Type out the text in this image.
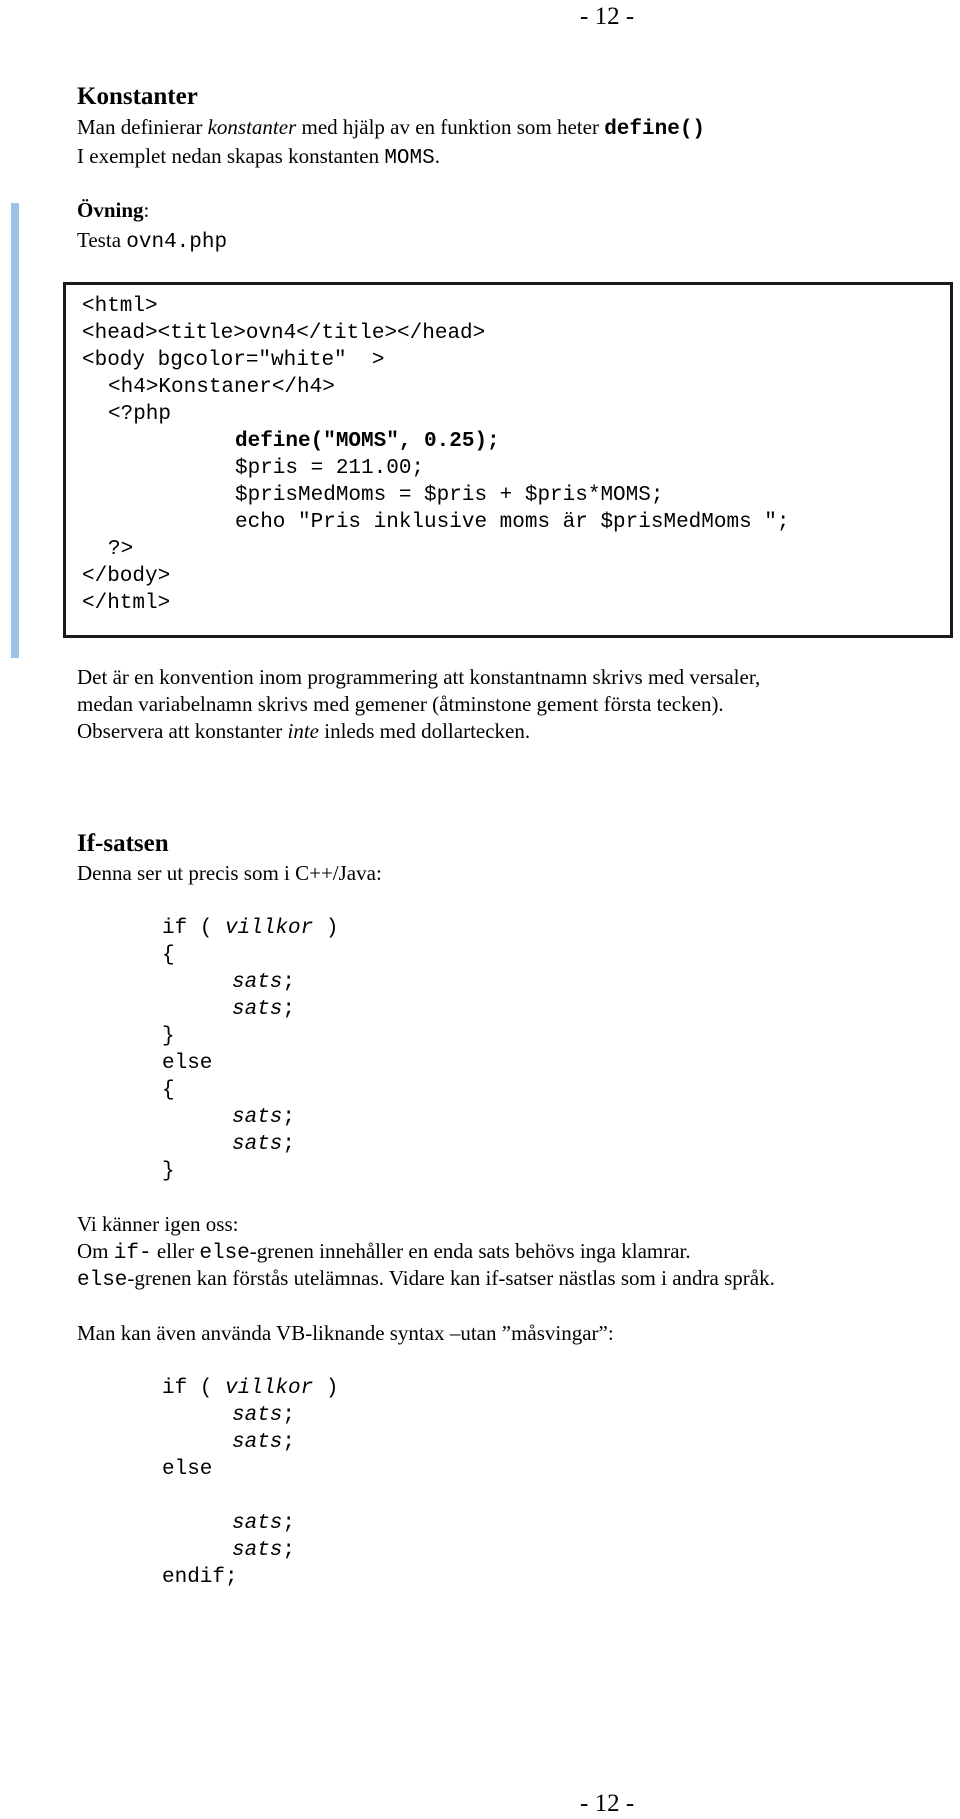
- 12 -
Konstanter
Man definierar konstanter med hjälp av en funktion som heter define()
I exemplet nedan skapas konstanten MOMS.
Övning:
Testa ovn4.php
<html>
<head><title>ovn4</title></head>
<body bgcolor="white"  >
<h4>Konstaner</h4>
<?php
define("MOMS", 0.25);
$pris = 211.00;
$prisMedMoms = $pris + $pris*MOMS;
echo "Pris inklusive moms är $prisMedMoms ";
?>
</body>
</html>
Det är en konvention inom programmering att konstantnamn skrivs med versaler,
medan variabelnamn skrivs med gemener (åtminstone gement första tecken).
Observera att konstanter inte inleds med dollartecken.
If-satsen
Denna ser ut precis som i C++/Java:
if ( villkor )
{
sats;
sats;
}
else
{
sats;
sats;
}
Vi känner igen oss:
Om if- eller else-grenen innehåller en enda sats behövs inga klamrar.
else-grenen kan förstås utelämnas. Vidare kan if-satser nästlas som i andra språk.
Man kan även använda VB-liknande syntax –utan ”måsvingar”:
if ( villkor )
sats;
sats;
else
sats;
sats;
endif;
- 12 -
